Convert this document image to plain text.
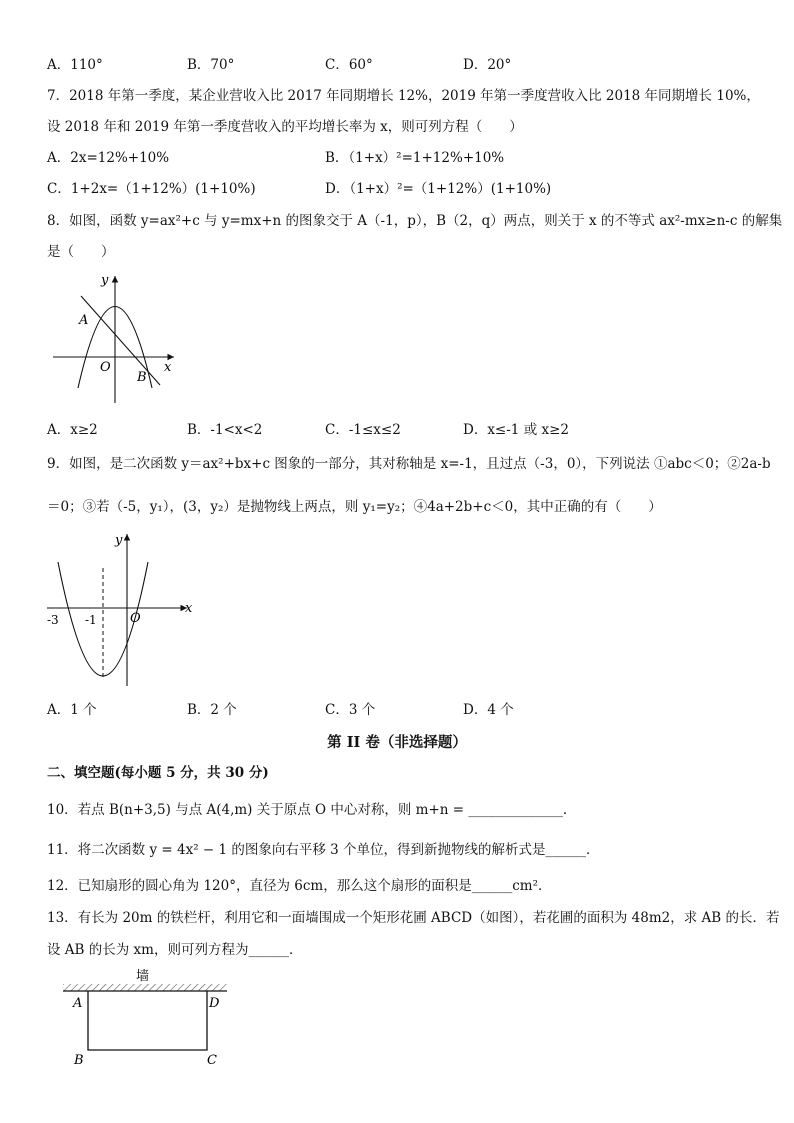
A．110°	B．70°	C．60°	D．20°
7．2018 年第一季度，某企业营收入比 2017 年同期增长 12%，2019 年第一季度营收入比 2018 年同期增长 10%，
设 2018 年和 2019 年第一季度营收入的平均增长率为 x，则可列方程（　　）
A．2x=12%+10%	B．（1+x）²=1+12%+10%
C．1+2x=（1+12%）(1+10%)	D．（1+x）²=（1+12%）(1+10%)
8．如图，函数 y=ax²+c 与 y=mx+n 的图象交于 A（-1，p），B（2，q）两点，则关于 x 的不等式 ax²-mx≥n-c 的解集
是（　　）
y
x
O
A
B
A．x≥2	B．-1<x<2	C．-1≤x≤2	D．x≤-1 或 x≥2
9．如图，是二次函数 y＝ax²+bx+c 图象的一部分，其对称轴是 x=-1，且过点（-3，0），下列说法 ①abc＜0；②2a-b
＝0；③若（-5，y₁），(3，y₂）是抛物线上两点，则 y₁=y₂；④4a+2b+c＜0，其中正确的有（　　）
y
x
O
-3 -1
A．1 个	B．2 个	C．3 个	D．4 个
第 II 卷（非选择题）
二、填空题(每小题 5 分，共 30 分)
10．若点 B(n+3,5) 与点 A(4,m) 关于原点 O 中心对称，则 m+n = ______________．
11．将二次函数 y = 4x² − 1 的图象向右平移 3 个单位，得到新抛物线的解析式是______．
12．已知扇形的圆心角为 120°，直径为 6cm，那么这个扇形的面积是______cm²．
13．有长为 20m 的铁栏杆，利用它和一面墙围成一个矩形花圃 ABCD（如图），若花圃的面积为 48m2，求 AB 的长．若
设 AB 的长为 xm，则可列方程为______．
墙
A	D
B	C
